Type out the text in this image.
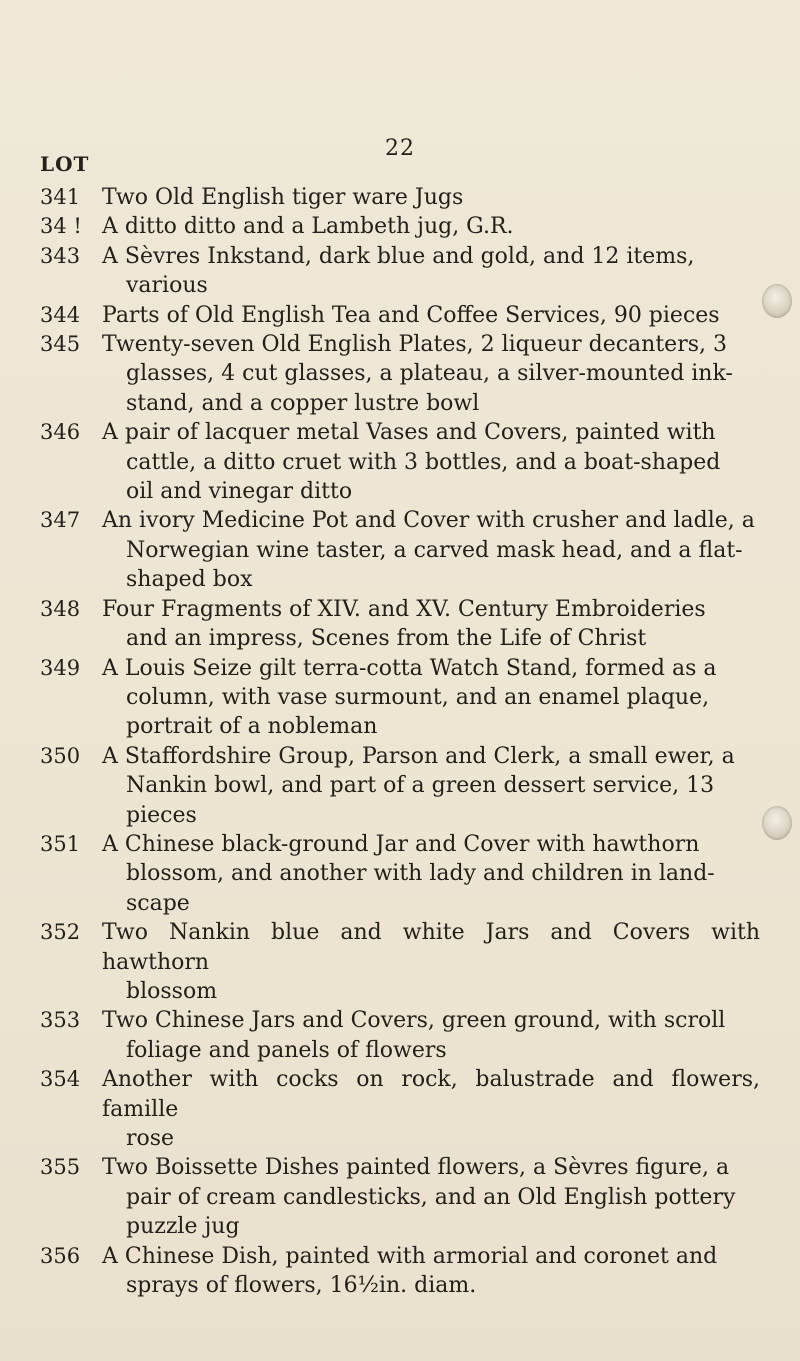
22
LOT
341 Two Old English tiger ware Jugs
34 ! A ditto ditto and a Lambeth jug, G.R.
343 A Sèvres Inkstand, dark blue and gold, and 12 items,
various
344 Parts of Old English Tea and Coffee Services, 90 pieces
345 Twenty-seven Old English Plates, 2 liqueur decanters, 3
glasses, 4 cut glasses, a plateau, a silver-mounted ink-
stand, and a copper lustre bowl
346 A pair of lacquer metal Vases and Covers, painted with
cattle, a ditto cruet with 3 bottles, and a boat-shaped
oil and vinegar ditto
347 An ivory Medicine Pot and Cover with crusher and ladle, a
Norwegian wine taster, a carved mask head, and a flat-
shaped box
348 Four Fragments of XIV. and XV. Century Embroideries
and an impress, Scenes from the Life of Christ
349 A Louis Seize gilt terra-cotta Watch Stand, formed as a
column, with vase surmount, and an enamel plaque,
portrait of a nobleman
350 A Staffordshire Group, Parson and Clerk, a small ewer, a
Nankin bowl, and part of a green dessert service, 13
pieces
351 A Chinese black-ground Jar and Cover with hawthorn
blossom, and another with lady and children in land-
scape
352 Two Nankin blue and white Jars and Covers with hawthorn
blossom
353 Two Chinese Jars and Covers, green ground, with scroll
foliage and panels of flowers
354 Another with cocks on rock, balustrade and flowers, famille
rose
355 Two Boissette Dishes painted flowers, a Sèvres figure, a
pair of cream candlesticks, and an Old English pottery
puzzle jug
356 A Chinese Dish, painted with armorial and coronet and
sprays of flowers, 16½in. diam.
